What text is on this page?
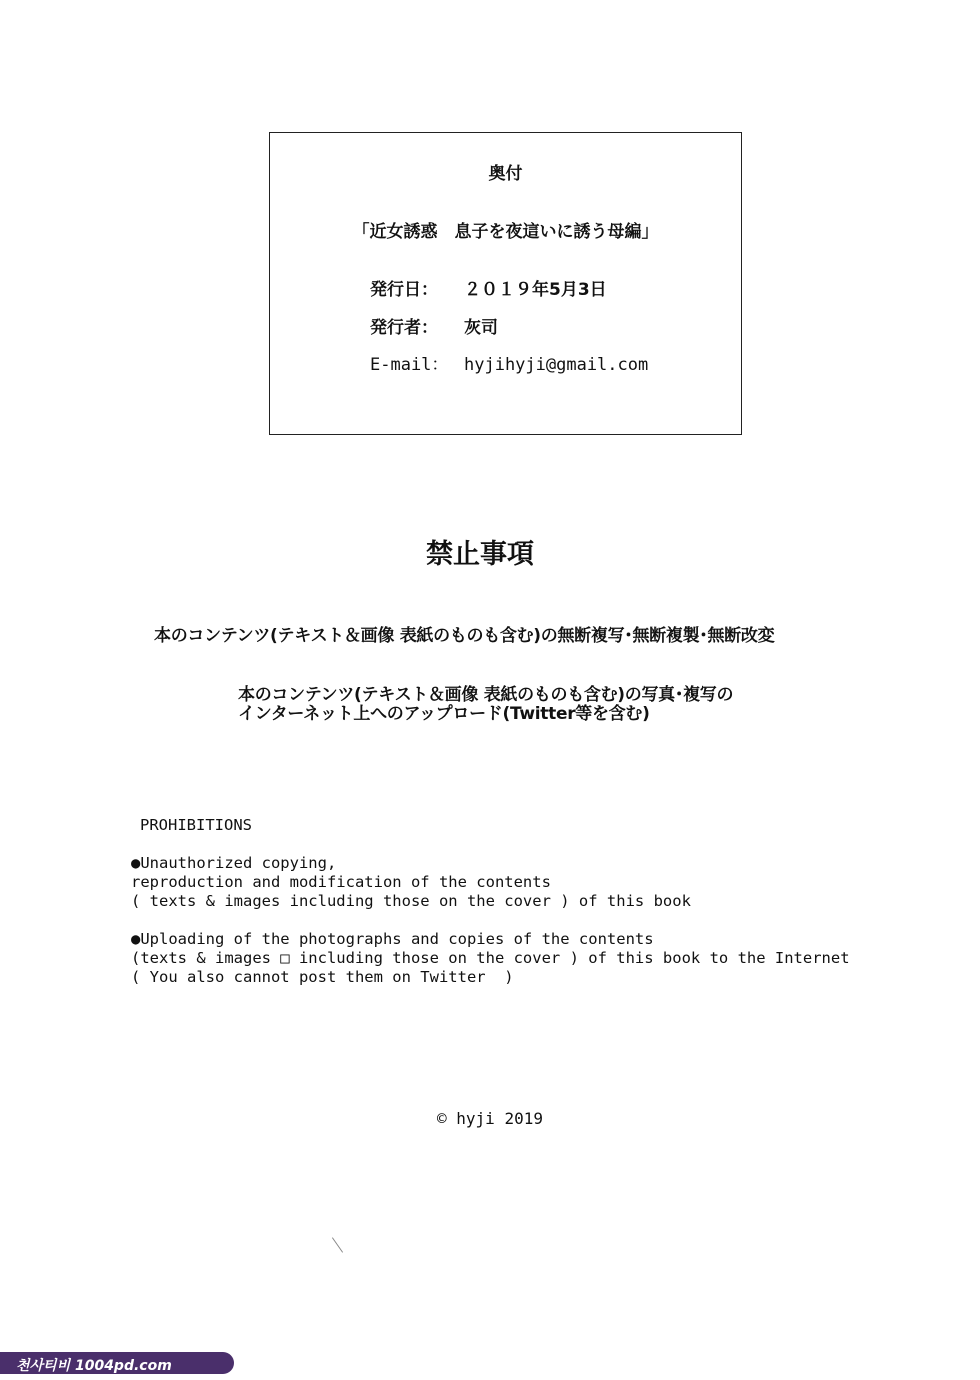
奥付
「近女誘惑　息子を夜這いに誘う母編」
発行日： ２０１９年5月3日
発行者： 灰司
E-mail： hyjihyji@gmail.com
禁止事項
本のコンテンツ(テキスト＆画像 表紙のものも含む)の無断複写･無断複製･無断改変
本のコンテンツ(テキスト＆画像 表紙のものも含む)の写真･複写の
インターネット上へのアップロード(Twitter等を含む)
PROHIBITIONS
●Unauthorized copying,
reproduction and modification of the contents
( texts & images including those on the cover ) of this book
●Uploading of the photographs and copies of the contents
(texts & images □ including those on the cover ) of this book to the Internet
( You also cannot post them on Twitter  )
© hyji 2019
천사티비 1004pd.com
